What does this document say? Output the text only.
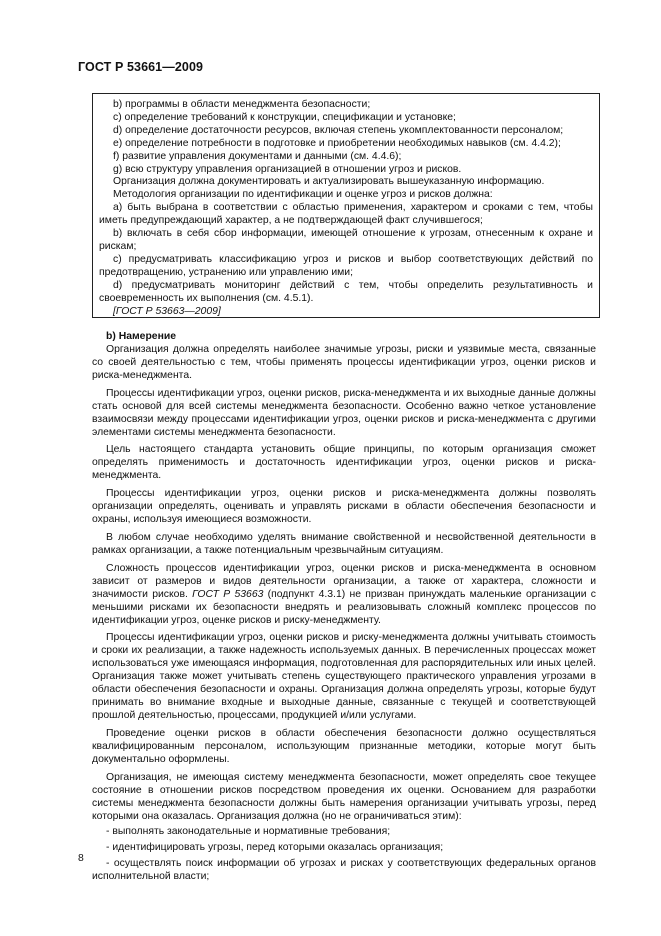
ГОСТ Р 53661—2009

b) программы в области менеджмента безопасности;

c) определение требований к конструкции, спецификации и установке;

d) определение достаточности ресурсов, включая степень укомплектованности персоналом;

e) определение потребности в подготовке и приобретении необходимых навыков (см. 4.4.2);

f) развитие управления документами и данными (см. 4.4.6);

g) всю структуру управления организацией в отношении угроз и рисков.

Организация должна документировать и актуализировать вышеуказанную информацию.

Методология организации по идентификации и оценке угроз и рисков должна:

a) быть выбрана в соответствии с областью применения, характером и сроками с тем, чтобы иметь предупреждающий характер, а не подтверждающей факт случившегося;

b) включать в себя сбор информации, имеющей отношение к угрозам, отнесенным к охране и рискам;

c) предусматривать классификацию угроз и рисков и выбор соответствующих действий по предотвращению, устранению или управлению ими;

d) предусматривать мониторинг действий с тем, чтобы определить результативность и своевременность их выполнения (см. 4.5.1).

[ГОСТ Р 53663—2009]

b) Намерение

Организация должна определять наиболее значимые угрозы, риски и уязвимые места, связанные со своей деятельностью с тем, чтобы применять процессы идентификации угроз, оценки рисков и риска-менеджмента.

Процессы идентификации угроз, оценки рисков, риска-менеджмента и их выходные данные должны стать основой для всей системы менеджмента безопасности. Особенно важно четкое установление взаимосвязи между процессами идентификации угроз, оценки рисков и риска-менеджмента с другими элементами системы менеджмента безопасности.

Цель настоящего стандарта установить общие принципы, по которым организация сможет определять применимость и достаточность идентификации угроз, оценки рисков и риска-менеджмента.

Процессы идентификации угроз, оценки рисков и риска-менеджмента должны позволять организации определять, оценивать и управлять рисками в области обеспечения безопасности и охраны, используя имеющиеся возможности.

В любом случае необходимо уделять внимание свойственной и несвойственной деятельности в рамках организации, а также потенциальным чрезвычайным ситуациям.

Сложность процессов идентификации угроз, оценки рисков и риска-менеджмента в основном зависит от размеров и видов деятельности организации, а также от характера, сложности и значимости рисков. ГОСТ Р 53663 (подпункт 4.3.1) не призван принуждать маленькие организации с меньшими рисками их безопасности внедрять и реализовывать сложный комплекс процессов по идентификации угроз, оценке рисков и риску-менеджменту.

Процессы идентификации угроз, оценки рисков и риску-менеджмента должны учитывать стоимость и сроки их реализации, а также надежность используемых данных. В перечисленных процессах может использоваться уже имеющаяся информация, подготовленная для распорядительных или иных целей. Организация также может учитывать степень существующего практического управления угрозами в области обеспечения безопасности и охраны. Организация должна определять угрозы, которые будут принимать во внимание входные и выходные данные, связанные с текущей и соответствующей прошлой деятельностью, процессами, продукцией и/или услугами.

Проведение оценки рисков в области обеспечения безопасности должно осуществляться квалифицированным персоналом, использующим признанные методики, которые могут быть документально оформлены.

Организация, не имеющая систему менеджмента безопасности, может определять свое текущее состояние в отношении рисков посредством проведения их оценки. Основанием для разработки системы менеджмента безопасности должны быть намерения организации учитывать угрозы, перед которыми она оказалась. Организация должна (но не ограничиваться этим):

- выполнять законодательные и нормативные требования;

- идентифицировать угрозы, перед которыми оказалась организация;

- осуществлять поиск информации об угрозах и рисках у соответствующих федеральных органов исполнительной власти;

8
